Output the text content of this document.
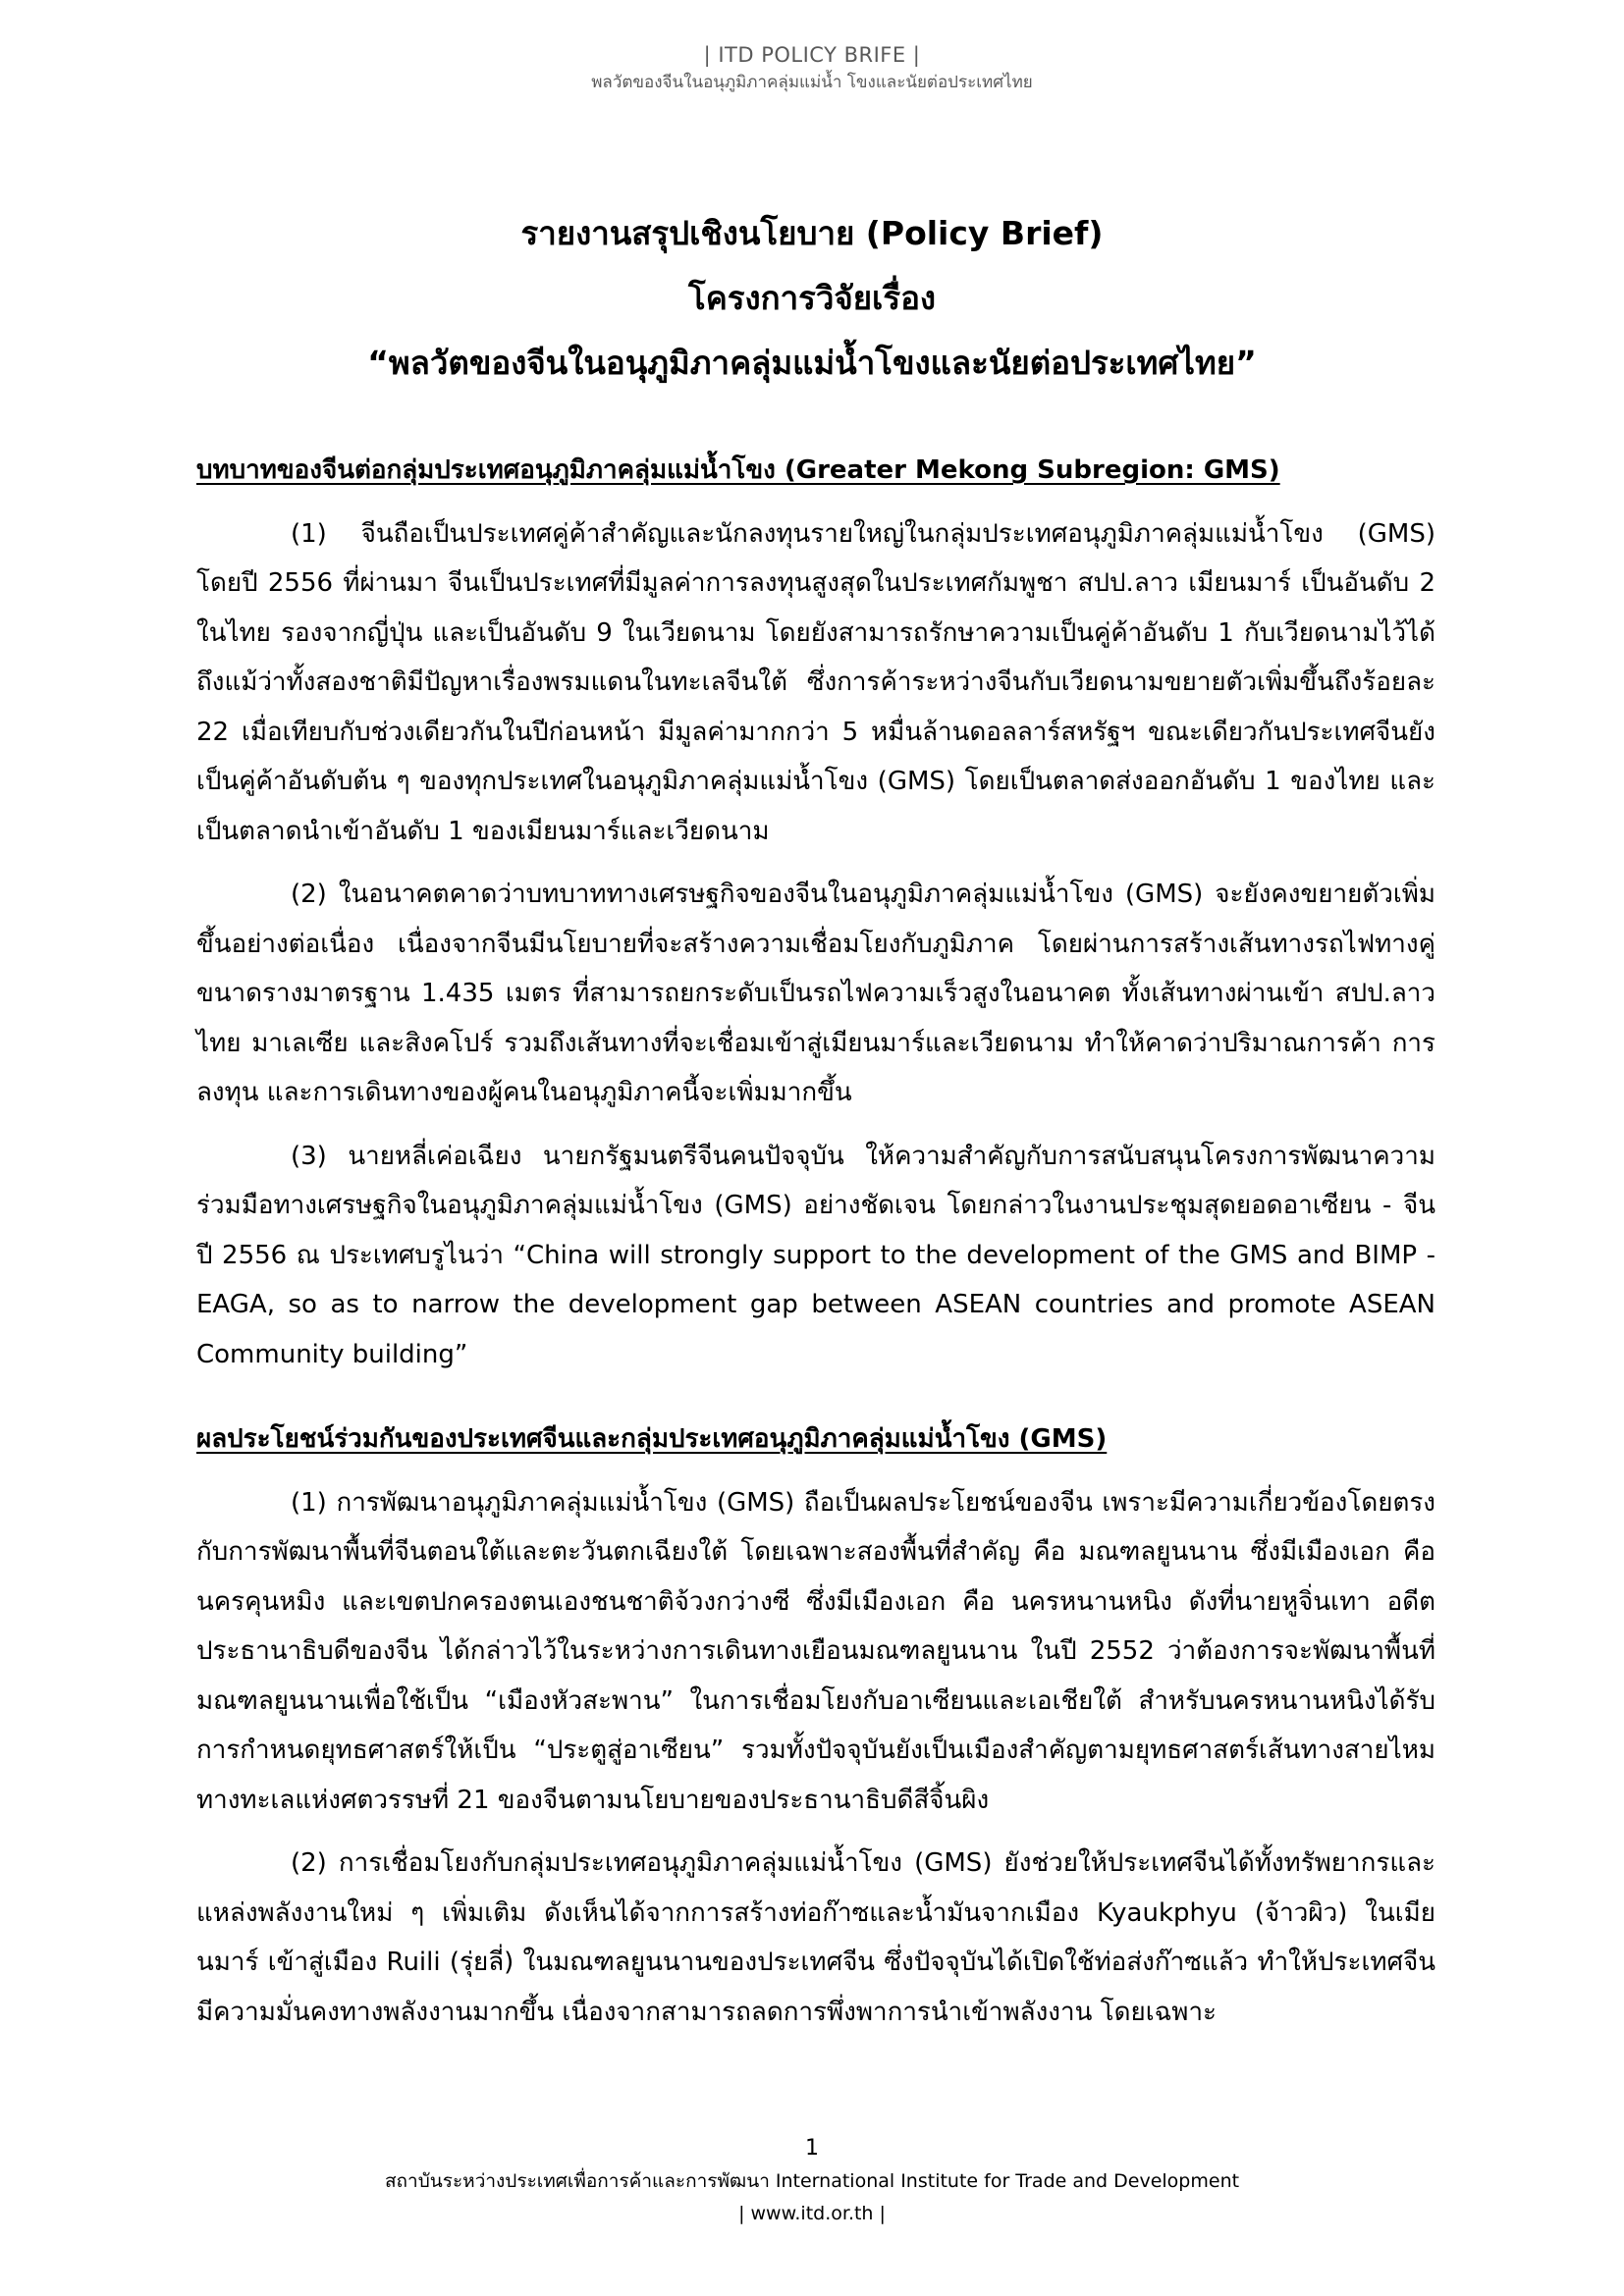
| ITD POLICY BRIFE |
พลวัตของจีนในอนุภูมิภาคลุ่มแม่น้ำ โขงและนัยต่อประเทศไทย
รายงานสรุปเชิงนโยบาย (Policy Brief)
โครงการวิจัยเรื่อง
“พลวัตของจีนในอนุภูมิภาคลุ่มแม่น้ำโขงและนัยต่อประเทศไทย”

บทบาทของจีนต่อกลุ่มประเทศอนุภูมิภาคลุ่มแม่น้ำโขง (Greater Mekong Subregion: GMS)

(1) จีนถือเป็นประเทศคู่ค้าสำคัญและนักลงทุนรายใหญ่ในกลุ่มประเทศอนุภูมิภาคลุ่มแม่น้ำโขง (GMS) โดยปี 2556 ที่ผ่านมา จีนเป็นประเทศที่มีมูลค่าการลงทุนสูงสุดในประเทศกัมพูชา สปป.ลาว เมียนมาร์ เป็นอันดับ 2 ในไทย รองจากญี่ปุ่น และเป็นอันดับ 9 ในเวียดนาม โดยยังสามารถรักษาความเป็นคู่ค้าอันดับ 1 กับเวียดนามไว้ได้ ถึงแม้ว่าทั้งสองชาติมีปัญหาเรื่องพรมแดนในทะเลจีนใต้ ซึ่งการค้าระหว่างจีนกับเวียดนามขยายตัวเพิ่มขึ้นถึงร้อยละ 22 เมื่อเทียบกับช่วงเดียวกันในปีก่อนหน้า มีมูลค่ามากกว่า 5 หมื่นล้านดอลลาร์สหรัฐฯ ขณะเดียวกันประเทศจีนยังเป็นคู่ค้าอันดับต้น ๆ ของทุกประเทศในอนุภูมิภาคลุ่มแม่น้ำโขง (GMS) โดยเป็นตลาดส่งออกอันดับ 1 ของไทย และเป็นตลาดนำเข้าอันดับ 1 ของเมียนมาร์และเวียดนาม

(2) ในอนาคตคาดว่าบทบาททางเศรษฐกิจของจีนในอนุภูมิภาคลุ่มแม่น้ำโขง (GMS) จะยังคงขยายตัวเพิ่มขึ้นอย่างต่อเนื่อง เนื่องจากจีนมีนโยบายที่จะสร้างความเชื่อมโยงกับภูมิภาค โดยผ่านการสร้างเส้นทางรถไฟทางคู่ขนาดรางมาตรฐาน 1.435 เมตร ที่สามารถยกระดับเป็นรถไฟความเร็วสูงในอนาคต ทั้งเส้นทางผ่านเข้า สปป.ลาว ไทย มาเลเซีย และสิงคโปร์ รวมถึงเส้นทางที่จะเชื่อมเข้าสู่เมียนมาร์และเวียดนาม ทำให้คาดว่าปริมาณการค้า การลงทุน และการเดินทางของผู้คนในอนุภูมิภาคนี้จะเพิ่มมากขึ้น

(3) นายหลี่เค่อเฉียง นายกรัฐมนตรีจีนคนปัจจุบัน ให้ความสำคัญกับการสนับสนุนโครงการพัฒนาความร่วมมือทางเศรษฐกิจในอนุภูมิภาคลุ่มแม่น้ำโขง (GMS) อย่างชัดเจน โดยกล่าวในงานประชุมสุดยอดอาเซียน - จีน ปี 2556 ณ ประเทศบรูไนว่า “China will strongly support to the development of the GMS and BIMP - EAGA, so as to narrow the development gap between ASEAN countries and promote ASEAN Community building”

ผลประโยชน์ร่วมกันของประเทศจีนและกลุ่มประเทศอนุภูมิภาคลุ่มแม่น้ำโขง (GMS)

(1) การพัฒนาอนุภูมิภาคลุ่มแม่น้ำโขง (GMS) ถือเป็นผลประโยชน์ของจีน เพราะมีความเกี่ยวข้องโดยตรงกับการพัฒนาพื้นที่จีนตอนใต้และตะวันตกเฉียงใต้ โดยเฉพาะสองพื้นที่สำคัญ คือ มณฑลยูนนาน ซึ่งมีเมืองเอก คือ นครคุนหมิง และเขตปกครองตนเองชนชาติจ้วงกว่างซี ซึ่งมีเมืองเอก คือ นครหนานหนิง ดังที่นายหูจิ่นเทา อดีตประธานาธิบดีของจีน ได้กล่าวไว้ในระหว่างการเดินทางเยือนมณฑลยูนนาน ในปี 2552 ว่าต้องการจะพัฒนาพื้นที่มณฑลยูนนานเพื่อใช้เป็น “เมืองหัวสะพาน” ในการเชื่อมโยงกับอาเซียนและเอเชียใต้ สำหรับนครหนานหนิงได้รับการกำหนดยุทธศาสตร์ให้เป็น “ประตูสู่อาเซียน” รวมทั้งปัจจุบันยังเป็นเมืองสำคัญตามยุทธศาสตร์เส้นทางสายไหมทางทะเลแห่งศตวรรษที่ 21 ของจีนตามนโยบายของประธานาธิบดีสีจิ้นผิง

(2) การเชื่อมโยงกับกลุ่มประเทศอนุภูมิภาคลุ่มแม่น้ำโขง (GMS) ยังช่วยให้ประเทศจีนได้ทั้งทรัพยากรและแหล่งพลังงานใหม่ ๆ เพิ่มเติม ดังเห็นได้จากการสร้างท่อก๊าซและน้ำมันจากเมือง Kyaukphyu (จ้าวผิว) ในเมียนมาร์ เข้าสู่เมือง Ruili (รุ่ยลี่) ในมณฑลยูนนานของประเทศจีน ซึ่งปัจจุบันได้เปิดใช้ท่อส่งก๊าซแล้ว ทำให้ประเทศจีนมีความมั่นคงทางพลังงานมากขึ้น เนื่องจากสามารถลดการพึ่งพาการนำเข้าพลังงาน โดยเฉพาะ

1
สถาบันระหว่างประเทศเพื่อการค้าและการพัฒนา International Institute for Trade and Development
| www.itd.or.th |
